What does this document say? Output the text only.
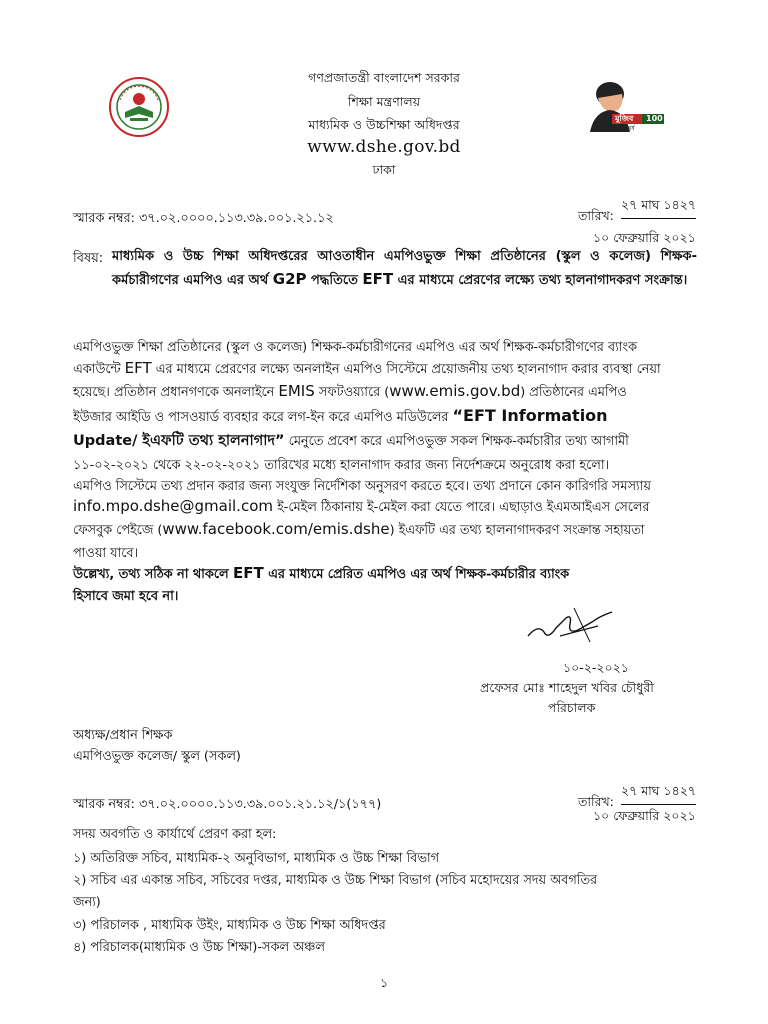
মুজিব
বর্ষ
100
গণপ্রজাতন্ত্রী বাংলাদেশ সরকার
শিক্ষা মন্ত্রণালয়
মাধ্যমিক ও উচ্চশিক্ষা অধিদপ্তর
www.dshe.gov.bd
ঢাকা
স্মারক নম্বর: ৩৭.০২.০০০০.১১৩.৩৯.০০১.২১.১২	তারিখ:
২৭ মাঘ ১৪২৭
১০ ফেব্রুয়ারি ২০২১
বিষয়: মাধ্যমিক ও উচ্চ শিক্ষা অধিদপ্তরের আওতাধীন এমপিওভুক্ত শিক্ষা প্রতিষ্ঠানের (স্কুল ও কলেজ) শিক্ষক-কর্মচারীগণের এমপিও এর অর্থ G2P পদ্ধতিতে EFT এর মাধ্যমে প্রেরণের লক্ষ্যে তথ্য হালনাগাদকরণ সংক্রান্ত।
এমপিওভুক্ত শিক্ষা প্রতিষ্ঠানের (স্কুল ও কলেজ) শিক্ষক-কর্মচারীগনের এমপিও এর অর্থ শিক্ষক-কর্মচারীগণের ব্যাংক
একাউন্টে EFT এর মাধ্যমে প্রেরণের লক্ষ্যে অনলাইন এমপিও সিস্টেমে প্রয়োজনীয় তথ্য হালনাগাদ করার ব্যবস্থা নেয়া
হয়েছে। প্রতিষ্ঠান প্রধানগণকে অনলাইনে EMIS সফটওয়্যারে (www.emis.gov.bd) প্রতিষ্ঠানের এমপিও
ইউজার আইডি ও পাসওয়ার্ড ব্যবহার করে লগ-ইন করে এমপিও মডিউলের “EFT Information
Update/ ইএফটি তথ্য হালনাগাদ” মেনুতে প্রবেশ করে এমপিওভুক্ত সকল শিক্ষক-কর্মচারীর তথ্য আগামী
১১-০২-২০২১ থেকে ২২-০২-২০২১ তারিখের মধ্যে হালনাগাদ করার জন্য নির্দেশক্রমে অনুরোধ করা হলো।
এমপিও সিস্টেমে তথ্য প্রদান করার জন্য সংযুক্ত নির্দেশিকা অনুসরণ করতে হবে। তথ্য প্রদানে কোন কারিগরি সমস্যায়
info.mpo.dshe@gmail.com ই-মেইল ঠিকানায় ই-মেইল করা যেতে পারে। এছাড়াও ইএমআইএস সেলের
ফেসবুক পেইজে (www.facebook.com/emis.dshe) ইএফটি এর তথ্য হালনাগাদকরণ সংক্রান্ত সহায়তা
পাওয়া যাবে।
উল্লেখ্য, তথ্য সঠিক না থাকলে EFT এর মাধ্যমে প্রেরিত এমপিও এর অর্থ শিক্ষক-কর্মচারীর ব্যাংক
হিসাবে জমা হবে না।
১০-২-২০২১
প্রফেসর মোঃ শাহেদুল খবির চৌধুরী
পরিচালক
অধ্যক্ষ/প্রধান শিক্ষক
এমপিওভুক্ত কলেজ/ স্কুল (সকল)
স্মারক নম্বর: ৩৭.০২.০০০০.১১৩.৩৯.০০১.২১.১২/১(১৭৭)	তারিখ:
২৭ মাঘ ১৪২৭
১০ ফেব্রুয়ারি ২০২১
সদয় অবগতি ও কার্যার্থে প্রেরণ করা হল:
১) অতিরিক্ত সচিব, মাধ্যমিক-২ অনুবিভাগ, মাধ্যমিক ও উচ্চ শিক্ষা বিভাগ
২) সচিব এর একান্ত সচিব, সচিবের দপ্তর, মাধ্যমিক ও উচ্চ শিক্ষা বিভাগ (সচিব মহোদয়ের সদয় অবগতির
জন্য)
৩) পরিচালক , মাধ্যমিক উইং, মাধ্যমিক ও উচ্চ শিক্ষা অধিদপ্তর
৪) পরিচালক(মাধ্যমিক ও উচ্চ শিক্ষা)-সকল অঞ্চল
১
